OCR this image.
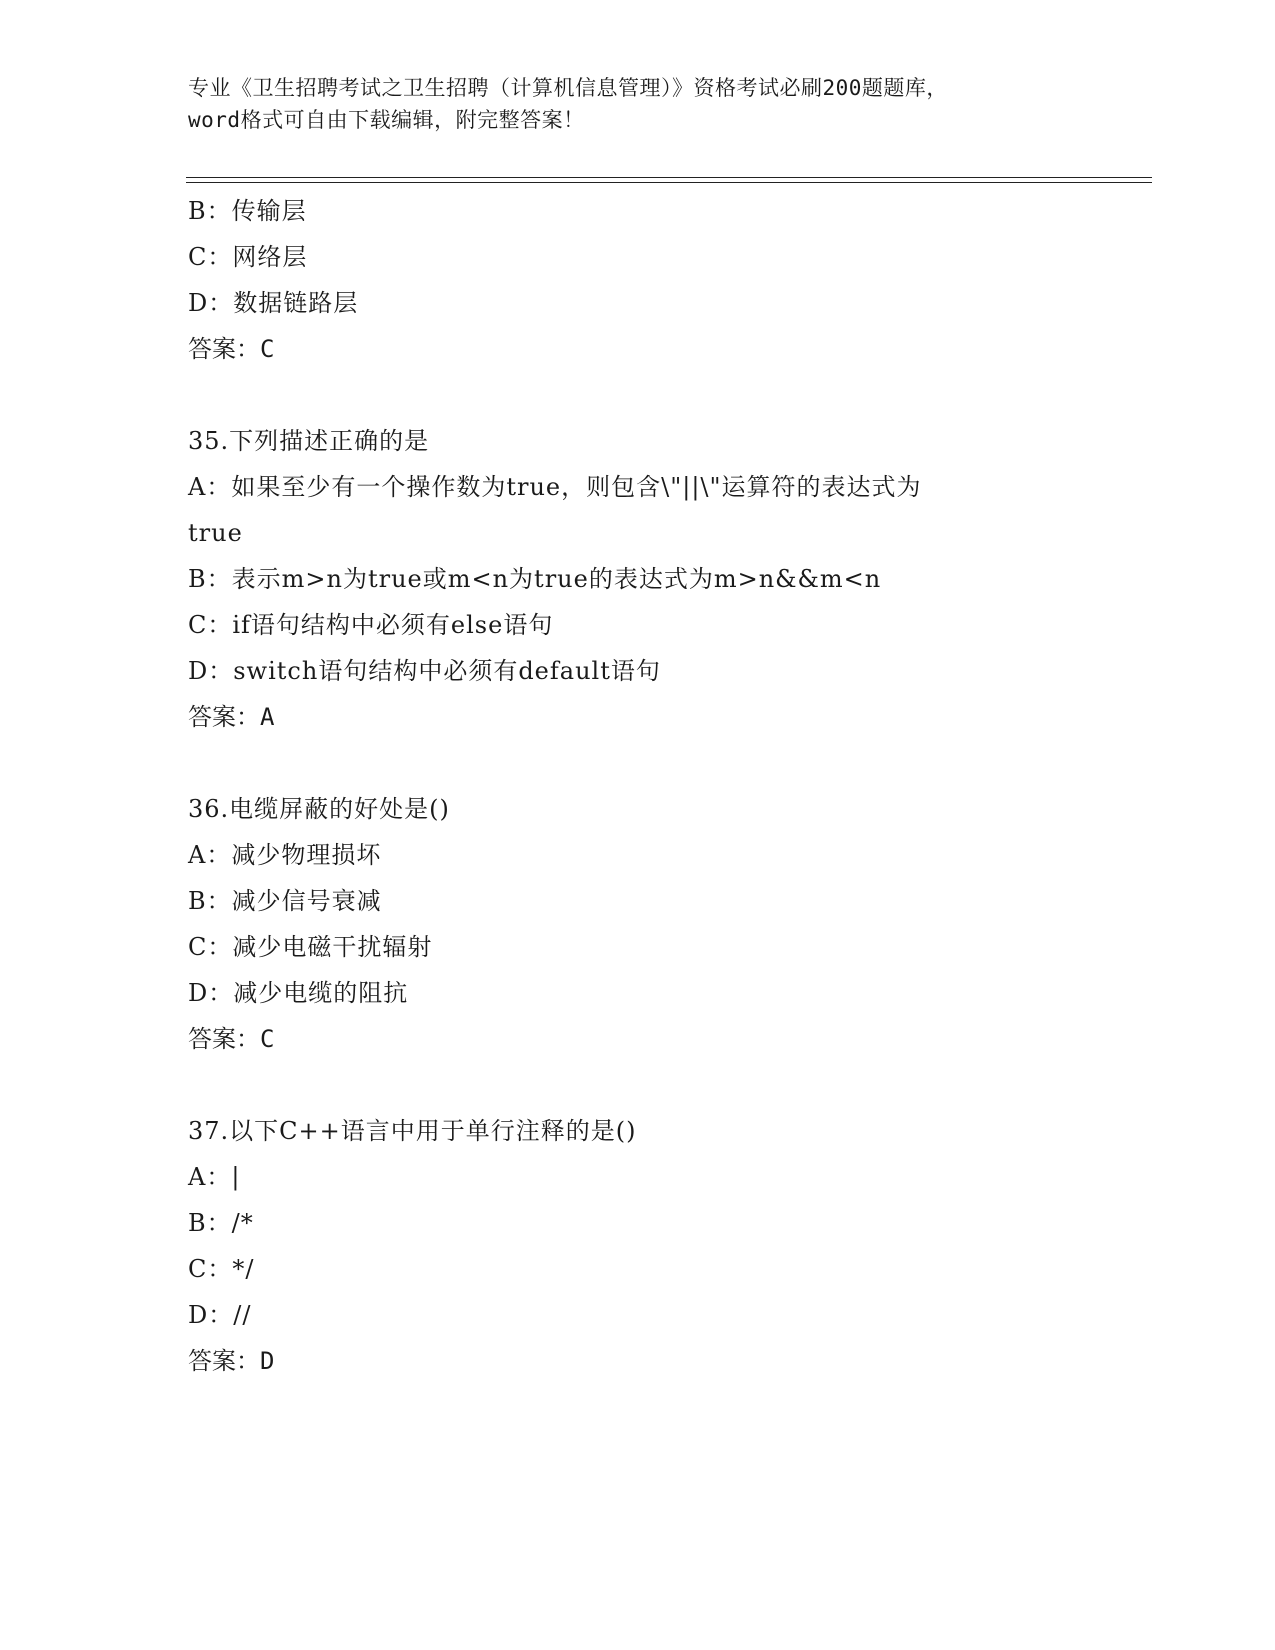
专业《卫生招聘考试之卫生招聘（计算机信息管理）》资格考试必刷200题题库，
word格式可自由下载编辑，附完整答案！
B：传输层
C：网络层
D：数据链路层
答案：C
35.下列描述正确的是
A：如果至少有一个操作数为true，则包含\"||\"运算符的表达式为
true
B：表示m>n为true或m<n为true的表达式为m>n&&m<n
C：if语句结构中必须有else语句
D：switch语句结构中必须有default语句
答案：A
36.电缆屏蔽的好处是()
A：减少物理损坏
B：减少信号衰减
C：减少电磁干扰辐射
D：减少电缆的阻抗
答案：C
37.以下C++语言中用于单行注释的是()
A：|
B：/*
C：*/
D：//
答案：D
